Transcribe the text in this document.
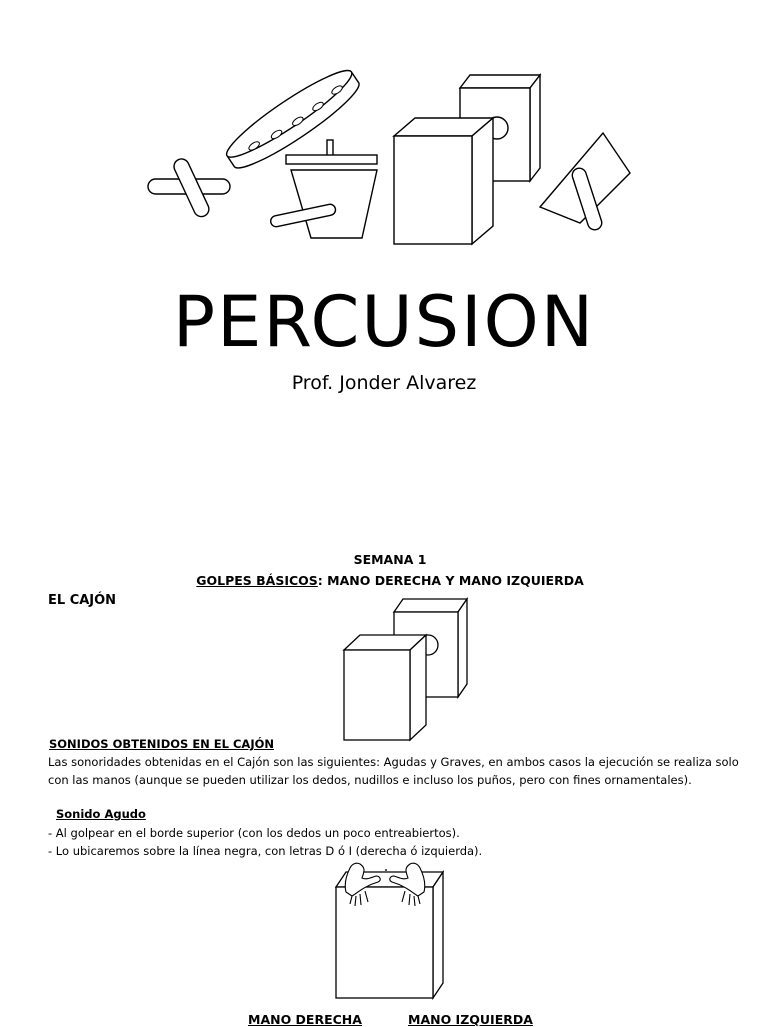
PERCUSION
Prof. Jonder Alvarez
SEMANA 1
GOLPES BÁSICOS: MANO DERECHA Y MANO IZQUIERDA
EL CAJÓN
SONIDOS OBTENIDOS EN EL CAJÓN
Las sonoridades obtenidas en el Cajón son las siguientes: Agudas y Graves, en ambos casos la ejecución se realiza solo
con las manos (aunque se pueden utilizar los dedos, nudillos e incluso los puños, pero con fines ornamentales).
Sonido Agudo
- Al golpear en el borde superior (con los dedos un poco entreabiertos).
- Lo ubicaremos sobre la línea negra, con letras D ó I (derecha ó izquierda).
MANO DERECHA	MANO IZQUIERDA
